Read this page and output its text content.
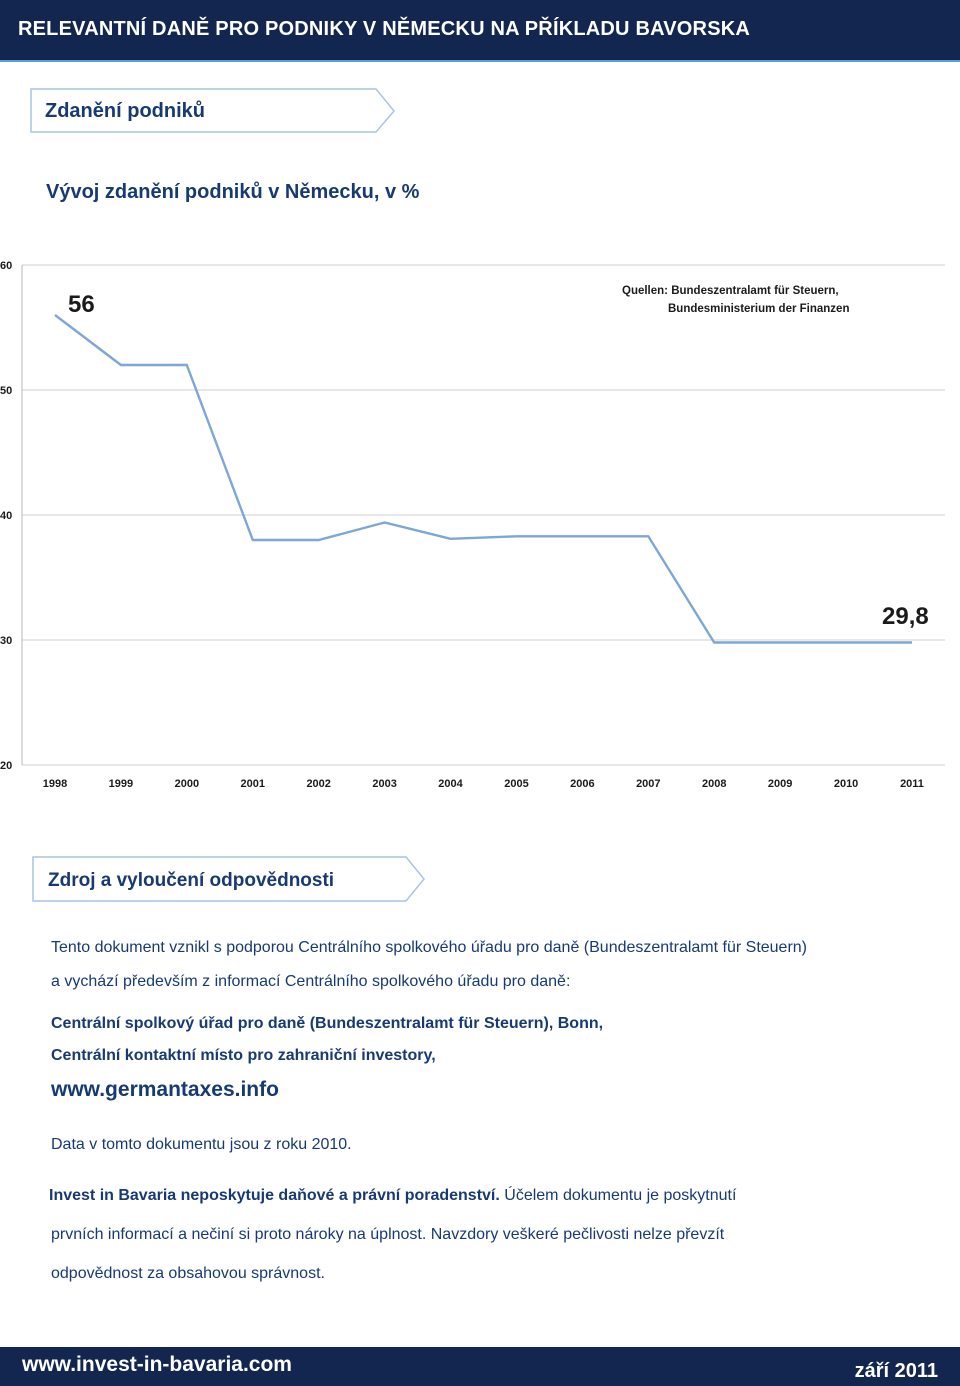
RELEVANTNÍ DANĚ PRO PODNIKY V NĚMECKU NA PŘÍKLADU BAVORSKA
Zdanění podniků
Vývoj zdanění podniků v Německu, v %
20
30
40
50
60
1998	1999	2000	2001	2002	2003	2004	2005	2006	2007	2008	2009	2010	2011
56
29,8
Quellen: Bundeszentralamt für Steuern,
Bundesministerium der Finanzen
Zdroj a vyloučení odpovědnosti
Tento dokument vznikl s podporou Centrálního spolkového úřadu pro daně (Bundeszentralamt für Steuern)
a vychází především z informací Centrálního spolkového úřadu pro daně:
Centrální spolkový úřad pro daně (Bundeszentralamt für Steuern), Bonn,
Centrální kontaktní místo pro zahraniční investory,
www.germantaxes.info
Data v tomto dokumentu jsou z roku 2010.
Invest in Bavaria neposkytuje daňové a právní poradenství. Účelem dokumentu je poskytnutí
prvních informací a nečiní si proto nároky na úplnost. Navzdory veškeré pečlivosti nelze převzít
odpovědnost za obsahovou správnost.
www.invest-in-bavaria.com	září 2011
